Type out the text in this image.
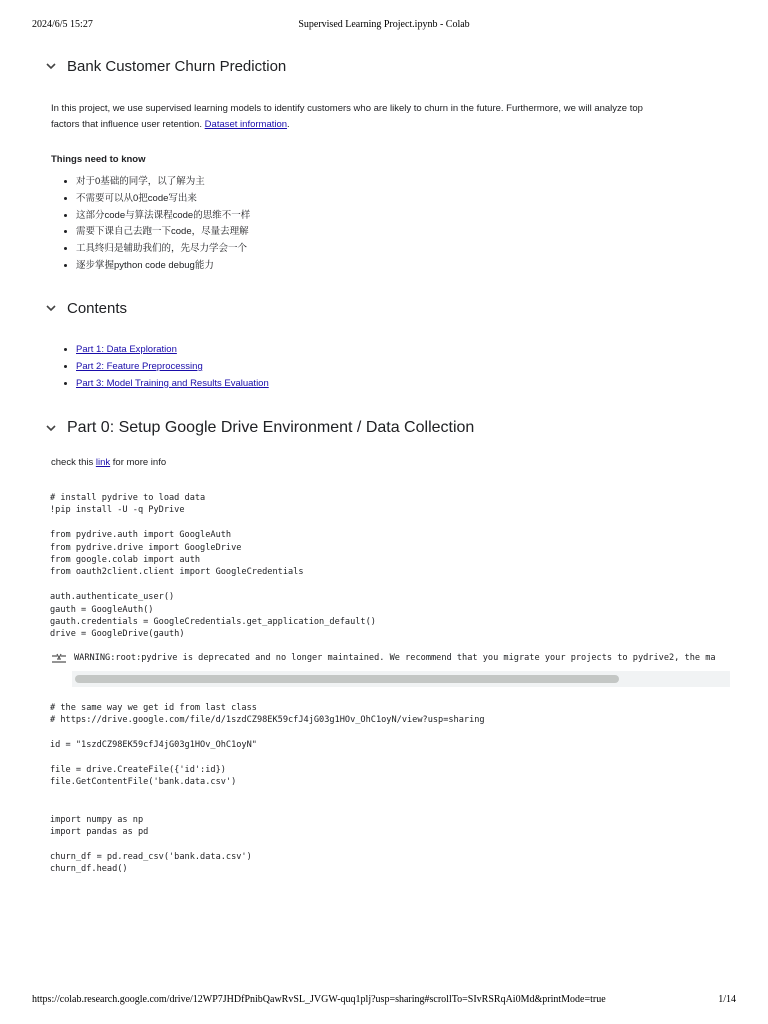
2024/6/5 15:27	Supervised Learning Project.ipynb - Colab
Bank Customer Churn Prediction
In this project, we use supervised learning models to identify customers who are likely to churn in the future. Furthermore, we will analyze top
factors that influence user retention. Dataset information.
Things need to know
• 对于0基础的同学，以了解为主
• 不需要可以从0把code写出来
• 这部分code与算法课程code的思维不一样
• 需要下课自己去跑一下code，尽量去理解
• 工具终归是辅助我们的，先尽力学会一个
• 逐步掌握python code debug能力
Contents
• Part 1: Data Exploration
• Part 2: Feature Preprocessing
• Part 3: Model Training and Results Evaluation
Part 0: Setup Google Drive Environment / Data Collection
check this link for more info
# install pydrive to load data
!pip install -U -q PyDrive

from pydrive.auth import GoogleAuth
from pydrive.drive import GoogleDrive
from google.colab import auth
from oauth2client.client import GoogleCredentials

auth.authenticate_user()
gauth = GoogleAuth()
gauth.credentials = GoogleCredentials.get_application_default()
drive = GoogleDrive(gauth)
WARNING:root:pydrive is deprecated and no longer maintained. We recommend that you migrate your projects to pydrive2, the ma
# the same way we get id from last class
# https://drive.google.com/file/d/1szdCZ98EK59cfJ4jG03g1HOv_OhC1oyN/view?usp=sharing

id = "1szdCZ98EK59cfJ4jG03g1HOv_OhC1oyN"

file = drive.CreateFile({'id':id})
file.GetContentFile('bank.data.csv')

import numpy as np
import pandas as pd

churn_df = pd.read_csv('bank.data.csv')
churn_df.head()
https://colab.research.google.com/drive/12WP7JHDfPnibQawRvSL_JVGW-quq1plj?usp=sharing#scrollTo=SIvRSRqAi0Md&printMode=true	1/14
